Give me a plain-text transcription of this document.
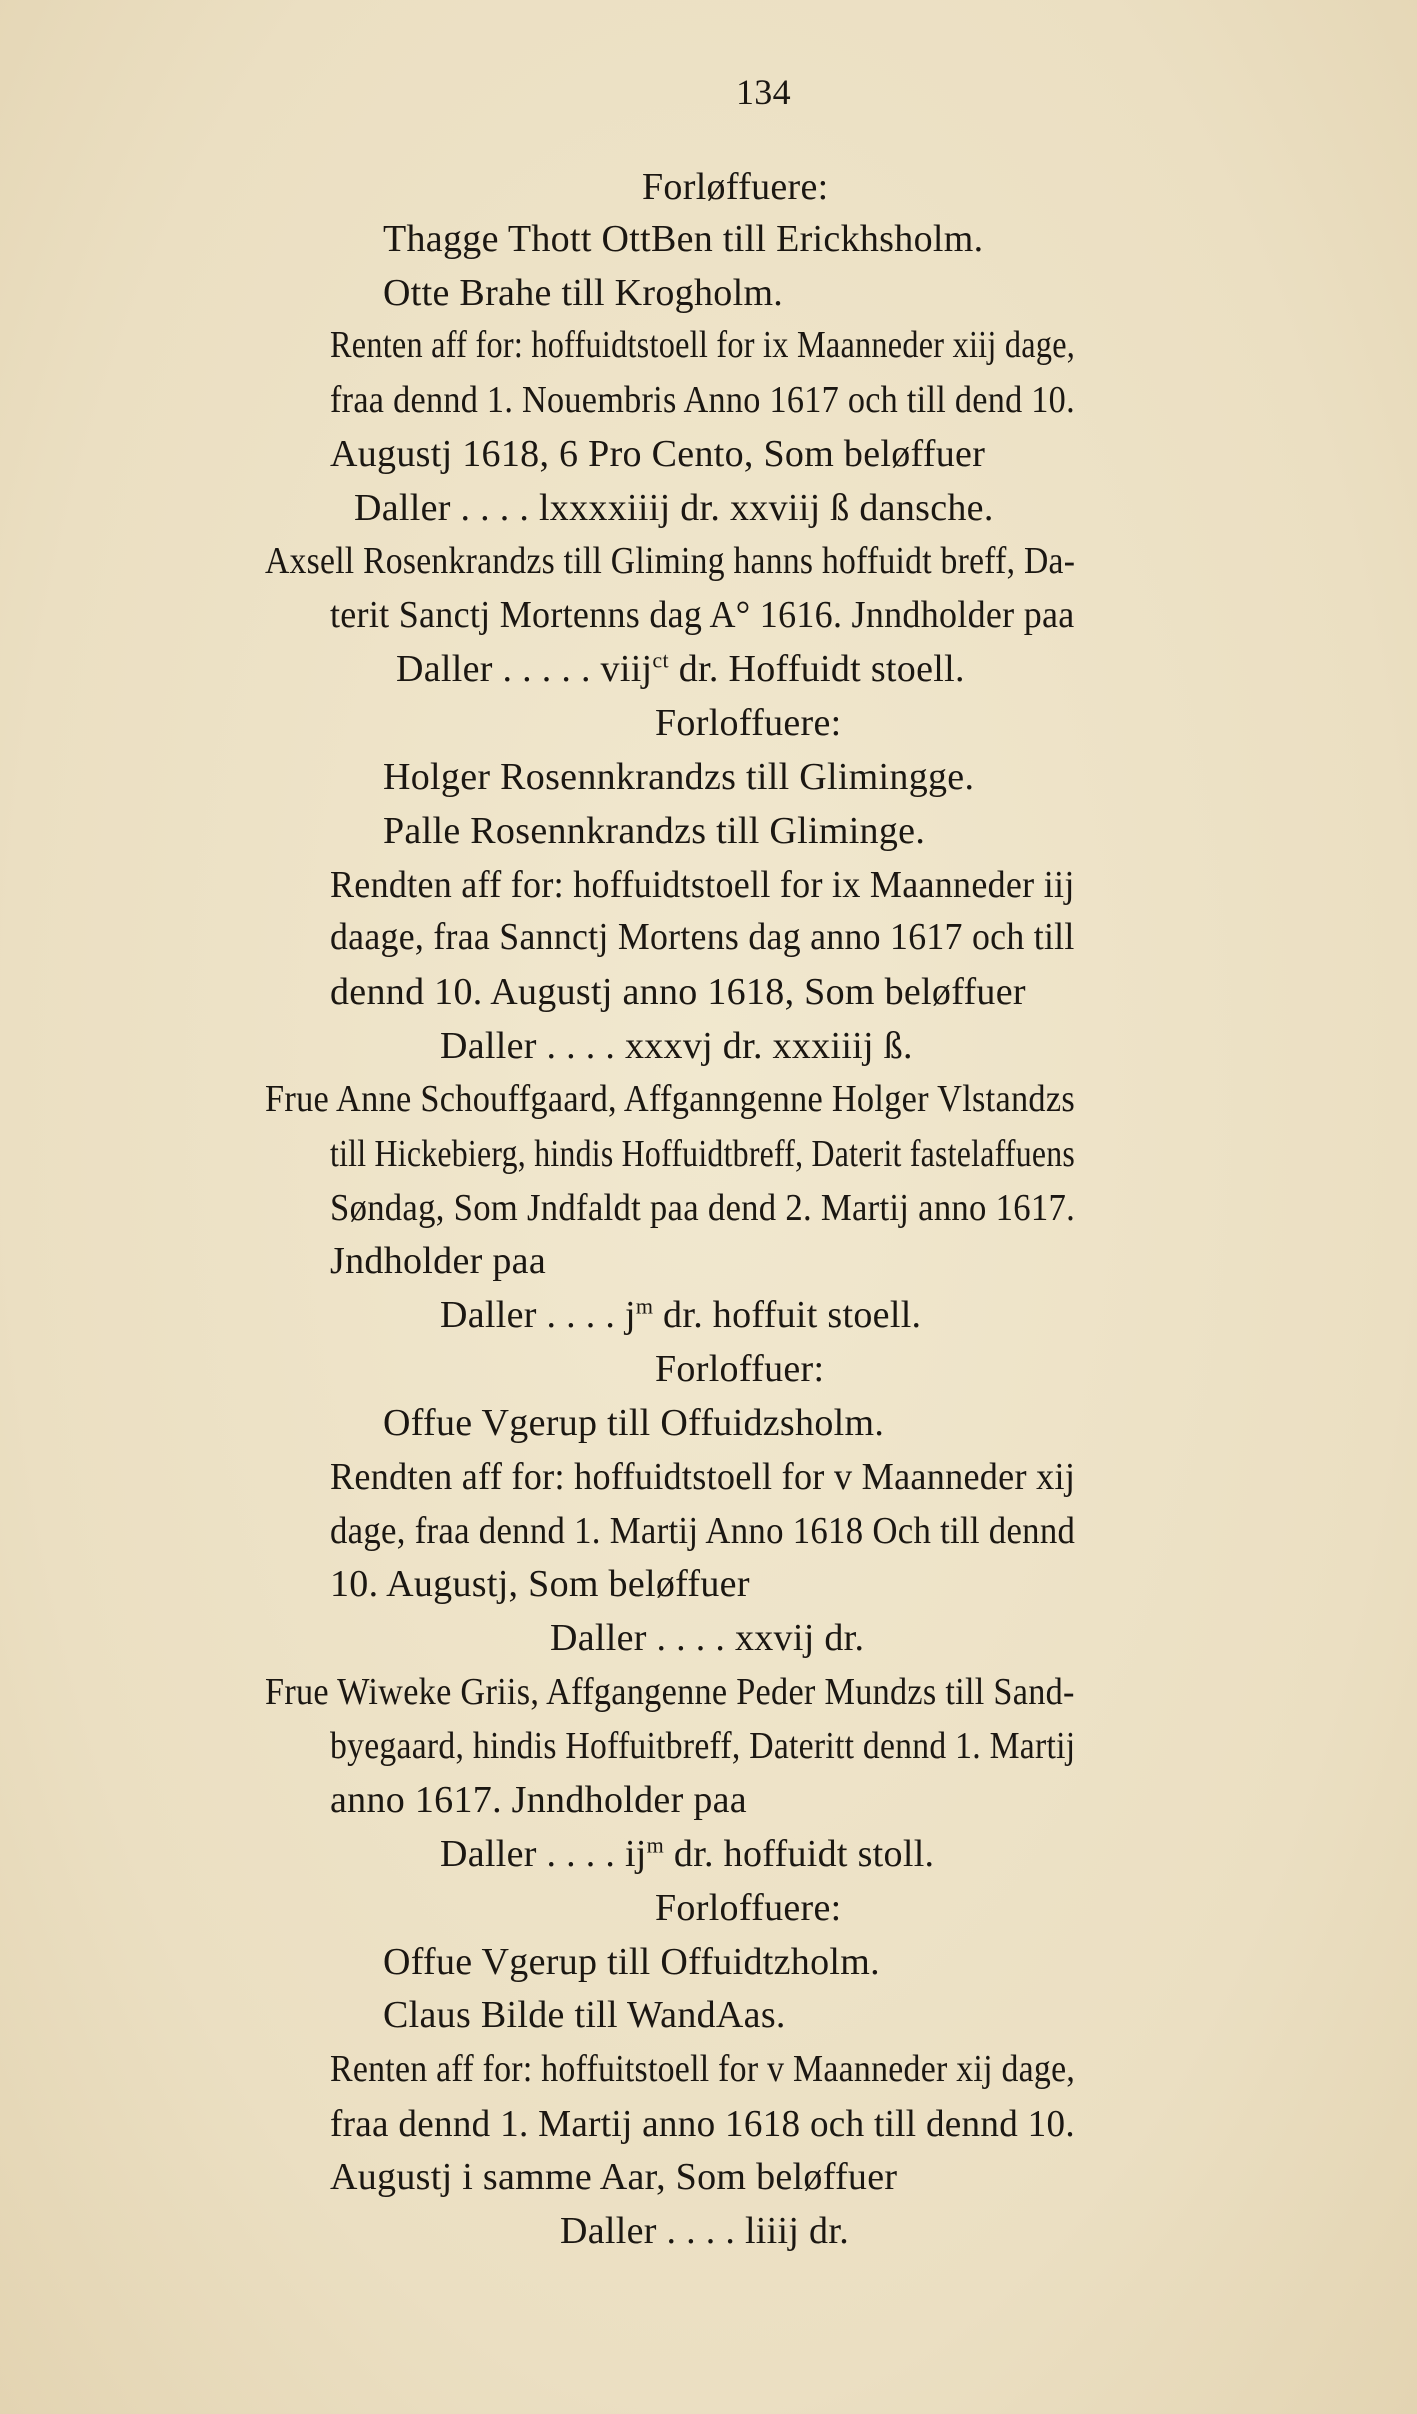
134
Forløffuere:
Thagge Thott OttBen till Erickhsholm.
Otte Brahe till Krogholm.
Renten aff for: hoffuidtstoell for ix Maanneder xiij dage,
fraa dennd 1. Nouembris Anno 1617 och till dend 10.
Augustj 1618, 6 Pro Cento, Som beløffuer
Daller . . . . lxxxxiiij dr. xxviij ß dansche.
Axsell Rosenkrandzs till Gliming hanns hoffuidt breff, Da-
terit Sanctj Mortenns dag A° 1616. Jnndholder paa
Daller . . . . . viij$^{ct}$ dr. Hoffuidt stoell.
Forloffuere:
Holger Rosennkrandzs till Glimingge.
Palle Rosennkrandzs till Gliminge.
Rendten aff for: hoffuidtstoell for ix Maanneder iij
daage, fraa Sannctj Mortens dag anno 1617 och till
dennd 10. Augustj anno 1618, Som beløffuer
Daller . . . . xxxvj dr. xxxiiij ß.
Frue Anne Schouffgaard, Affganngenne Holger Vlstandzs
till Hickebierg, hindis Hoffuidtbreff, Daterit fastelaffuens
Søndag, Som Jndfaldt paa dend 2. Martij anno 1617.
Jndholder paa
Daller . . . . $j^m$ dr. hoffuit stoell.
Forloffuer:
Offue Vgerup till Offuidzsholm.
Rendten aff for: hoffuidtstoell for v Maanneder xij
dage, fraa dennd 1. Martij Anno 1618 Och till dennd
10. Augustj, Som beløffuer
Daller . . . . xxvij dr.
Frue Wiweke Griis, Affgangenne Peder Mundzs till Sand-
byegaard, hindis Hoffuitbreff, Dateritt dennd 1. Martij
anno 1617. Jnndholder paa
Daller . . . . $ij^m$ dr. hoffuidt stoll.
Forloffuere:
Offue Vgerup till Offuidtzholm.
Claus Bilde till WandAas.
Renten aff for: hoffuitstoell for v Maanneder xij dage,
fraa dennd 1. Martij anno 1618 och till dennd 10.
Augustj i samme Aar, Som beløffuer
Daller . . . . liiij dr.
